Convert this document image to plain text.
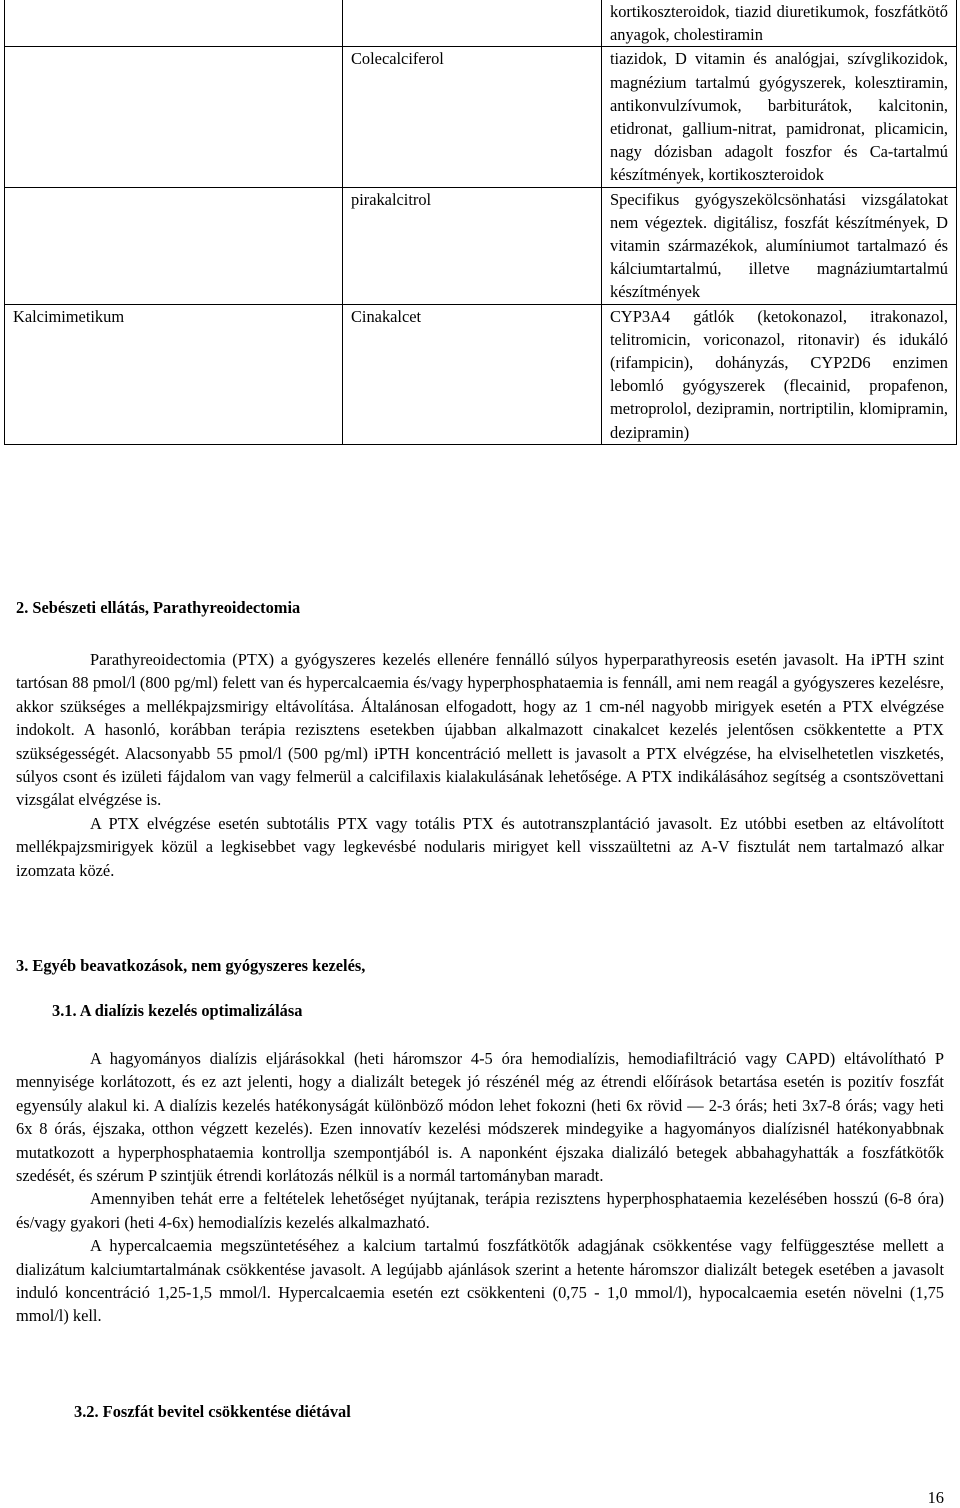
		kortikoszteroidok, tiazid diuretikumok, foszfátkötő anyagok, cholestiramin
	Colecalciferol	tiazidok, D vitamin és analógjai, szívglikozidok, magnézium tartalmú gyógyszerek, kolesztiramin, antikonvulzívumok, barbiturátok, kalcitonin, etidronat, gallium-nitrat, pamidronat, plicamicin, nagy dózisban adagolt foszfor és Ca-tartalmú készítmények, kortikoszteroidok
	pirakalcitrol	Specifikus gyógyszekölcsönhatási vizsgálatokat nem végeztek. digitálisz, foszfát készítmények, D vitamin származékok, alumíniumot tartalmazó és kálciumtartalmú, illetve magnáziumtartalmú készítmények
Kalcimimetikum	Cinakalcet	CYP3A4 gátlók (ketokonazol, itrakonazol, telitromicin, voriconazol, ritonavir) és idukáló (rifampicin), dohányzás, CYP2D6 enzimen lebomló gyógyszerek (flecainid, propafenon, metroprolol, dezipramin, nortriptilin, klomipramin, dezipramin)
2. Sebészeti ellátás, Parathyreoidectomia

Parathyreoidectomia (PTX) a gyógyszeres kezelés ellenére fennálló súlyos hyperparathyreosis esetén javasolt. Ha iPTH szint tartósan 88 pmol/l (800 pg/ml) felett van és hypercalcaemia és/vagy hyperphosphataemia is fennáll, ami nem reagál a gyógyszeres kezelésre, akkor szükséges a mellékpajzsmirigy eltávolítása. Általánosan elfogadott, hogy az 1 cm-nél nagyobb mirigyek esetén a PTX elvégzése indokolt. A hasonló, korábban terápia rezisztens esetekben újabban alkalmazott cinakalcet kezelés jelentősen csökkentette a PTX szükségességét. Alacsonyabb 55 pmol/l (500 pg/ml) iPTH koncentráció mellett is javasolt a PTX elvégzése, ha elviselhetetlen viszketés, súlyos csont és izületi fájdalom van vagy felmerül a calcifilaxis kialakulásának lehetősége. A PTX indikálásához segítség a csontszövettani vizsgálat elvégzése is.

A PTX elvégzése esetén subtotális PTX vagy totális PTX és autotranszplantáció javasolt. Ez utóbbi esetben az eltávolított mellékpajzsmirigyek közül a legkisebbet vagy legkevésbé nodularis mirigyet kell visszaültetni az A-V fisztulát nem tartalmazó alkar izomzata közé.

3. Egyéb beavatkozások, nem gyógyszeres kezelés,
3.1. A dialízis kezelés optimalizálása

A hagyományos dialízis eljárásokkal (heti háromszor 4-5 óra hemodialízis, hemodiafiltráció vagy CAPD) eltávolítható P mennyisége korlátozott, és ez azt jelenti, hogy a dializált betegek jó részénél még az étrendi előírások betartása esetén is pozitív foszfát egyensúly alakul ki. A dialízis kezelés hatékonyságát különböző módon lehet fokozni (heti 6x rövid — 2-3 órás; heti 3x7-8 órás; vagy heti 6x 8 órás, éjszaka, otthon végzett kezelés). Ezen innovatív kezelési módszerek mindegyike a hagyományos dialízisnél hatékonyabbnak mutatkozott a hyperphosphataemia kontrollja szempontjából is. A naponként éjszaka dializáló betegek abbahagyhatták a foszfátkötők szedését, és szérum P szintjük étrendi korlátozás nélkül is a normál tartományban maradt.

Amennyiben tehát erre a feltételek lehetőséget nyújtanak, terápia rezisztens hyperphosphataemia kezelésében hosszú (6-8 óra) és/vagy gyakori (heti 4-6x) hemodialízis kezelés alkalmazható.

A hypercalcaemia megszüntetéséhez a kalcium tartalmú foszfátkötők adagjának csökkentése vagy felfüggesztése mellett a dializátum kalciumtartalmának csökkentése javasolt. A legújabb ajánlások szerint a hetente háromszor dializált betegek esetében a javasolt induló koncentráció 1,25-1,5 mmol/l. Hypercalcaemia esetén ezt csökkenteni (0,75 - 1,0 mmol/l), hypocalcaemia esetén növelni (1,75 mmol/l) kell.

3.2. Foszfát bevitel csökkentése diétával
16
